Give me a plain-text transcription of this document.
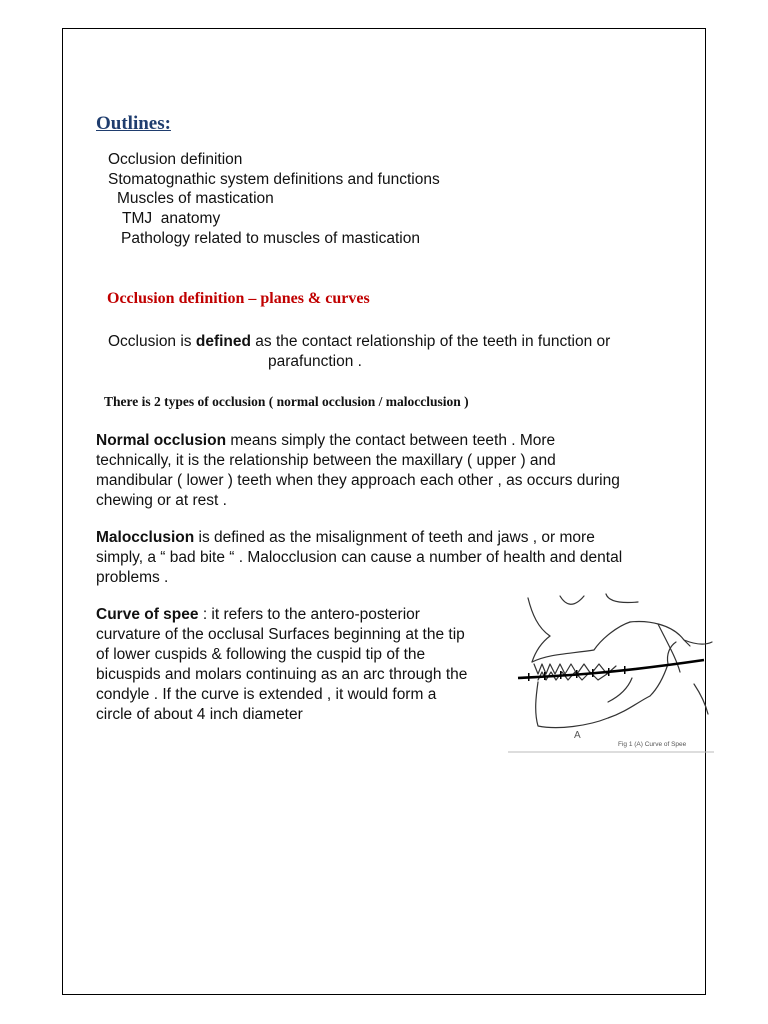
Outlines:
Occlusion definition
Stomatognathic system definitions and functions
Muscles of mastication
TMJ  anatomy
Pathology related to muscles of mastication
Occlusion definition – planes & curves
Occlusion is defined as the contact relationship of the teeth in function or
parafunction .
There is 2 types of occlusion ( normal occlusion / malocclusion )
Normal occlusion means simply the contact between teeth . More
technically, it is the relationship between the maxillary ( upper ) and
mandibular ( lower ) teeth when they approach each other , as occurs during
chewing or at rest .
Malocclusion is defined as the misalignment of teeth and jaws , or more
simply, a “ bad bite “ . Malocclusion can cause a number of health and dental
problems .
Curve of spee : it refers to the antero-posterior
curvature of the occlusal Surfaces beginning at the tip
of lower cuspids & following the cuspid tip of the
bicuspids and molars continuing as an arc through the
condyle . If the curve is extended , it would form a
circle of about 4 inch diameter
A
Fig 1 (A) Curve of Spee
